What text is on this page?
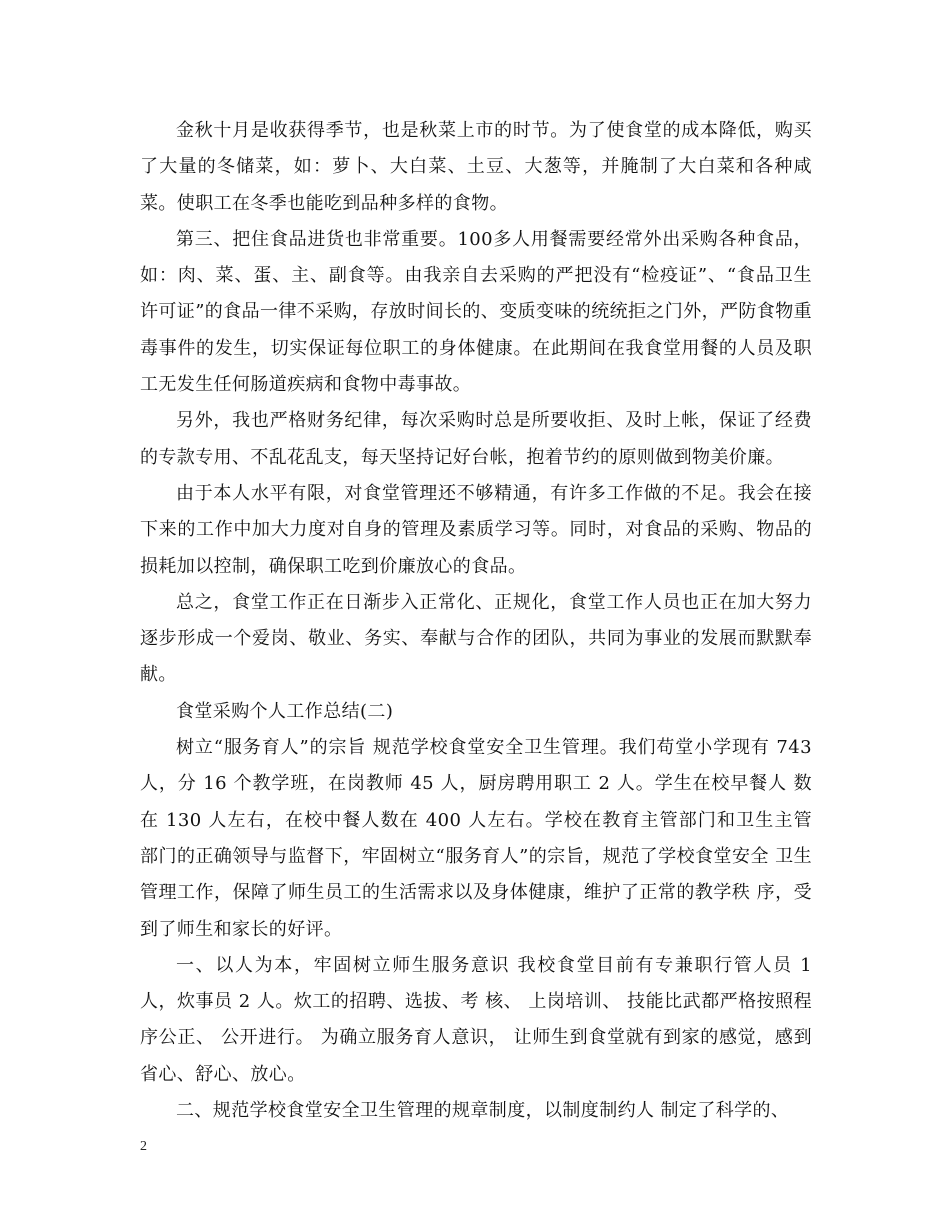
金秋十月是收获得季节，也是秋菜上市的时节。为了使食堂的成本降低，购买了大量的冬储菜，如：萝卜、大白菜、土豆、大葱等，并腌制了大白菜和各种咸菜。使职工在冬季也能吃到品种多样的食物。

第三、把住食品进货也非常重要。100多人用餐需要经常外出采购各种食品，如：肉、菜、蛋、主、副食等。由我亲自去采购的严把没有“检疫证”、“食品卫生许可证”的食品一律不采购，存放时间长的、变质变味的统统拒之门外，严防食物重毒事件的发生，切实保证每位职工的身体健康。在此期间在我食堂用餐的人员及职工无发生任何肠道疾病和食物中毒事故。

另外，我也严格财务纪律，每次采购时总是所要收拒、及时上帐，保证了经费的专款专用、不乱花乱支，每天坚持记好台帐，抱着节约的原则做到物美价廉。

由于本人水平有限，对食堂管理还不够精通，有许多工作做的不足。我会在接下来的工作中加大力度对自身的管理及素质学习等。同时，对食品的采购、物品的损耗加以控制，确保职工吃到价廉放心的食品。

总之，食堂工作正在日渐步入正常化、正规化，食堂工作人员也正在加大努力逐步形成一个爱岗、敬业、务实、奉献与合作的团队，共同为事业的发展而默默奉献。

食堂采购个人工作总结(二)

树立“服务育人”的宗旨 规范学校食堂安全卫生管理。我们苟堂小学现有 743 人，分 16 个教学班，在岗教师 45 人，厨房聘用职工 2 人。学生在校早餐人 数在 130 人左右，在校中餐人数在 400 人左右。学校在教育主管部门和卫生主管 部门的正确领导与监督下，牢固树立“服务育人”的宗旨，规范了学校食堂安全 卫生管理工作，保障了师生员工的生活需求以及身体健康，维护了正常的教学秩 序，受到了师生和家长的好评。

一、以人为本，牢固树立师生服务意识 我校食堂目前有专兼职行管人员 1 人，炊事员 2 人。炊工的招聘、选拔、考 核、 上岗培训、 技能比武都严格按照程序公正、 公开进行。 为确立服务育人意识， 让师生到食堂就有到家的感觉，感到省心、舒心、放心。

二、规范学校食堂安全卫生管理的规章制度，以制度制约人 制定了科学的、

2
